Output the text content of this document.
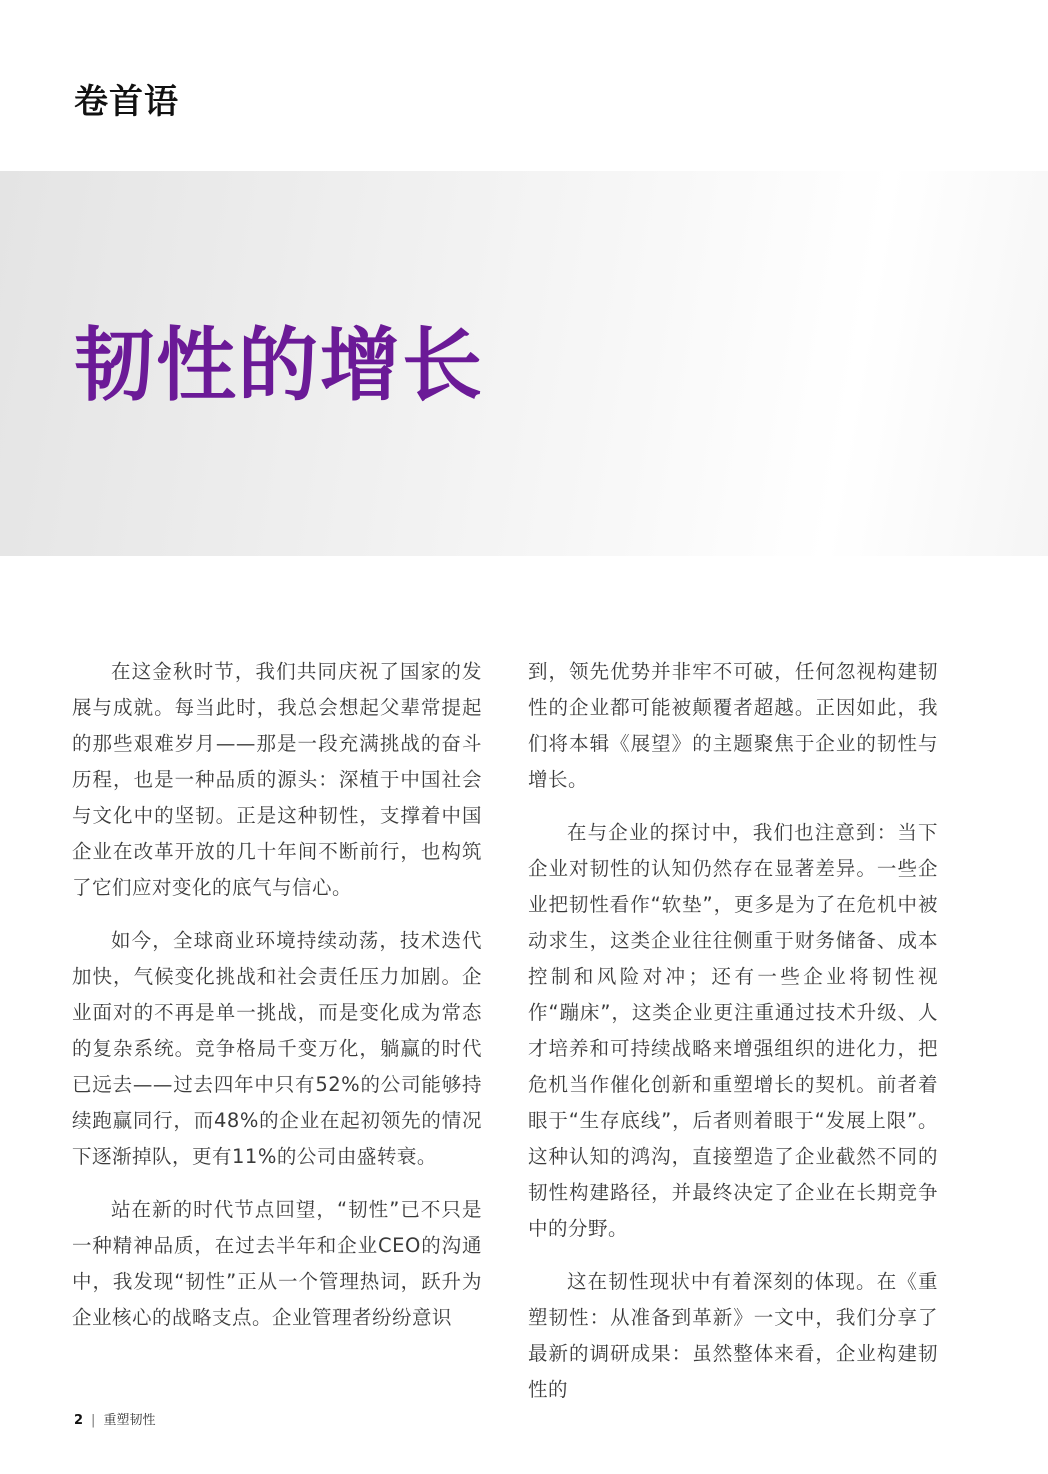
卷首语
韧性的增长

在这金秋时节，我们共同庆祝了国家的发展与成就。每当此时，我总会想起父辈常提起的那些艰难岁月——那是一段充满挑战的奋斗历程，也是一种品质的源头：深植于中国社会与文化中的坚韧。正是这种韧性，支撑着中国企业在改革开放的几十年间不断前行，也构筑了它们应对变化的底气与信心。

如今，全球商业环境持续动荡，技术迭代加快，气候变化挑战和社会责任压力加剧。企业面对的不再是单一挑战，而是变化成为常态的复杂系统。竞争格局千变万化，躺赢的时代已远去——过去四年中只有52%的公司能够持续跑赢同行，而48%的企业在起初领先的情况下逐渐掉队，更有11%的公司由盛转衰。

站在新的时代节点回望，“韧性”已不只是一种精神品质，在过去半年和企业CEO的沟通中，我发现“韧性”正从一个管理热词，跃升为企业核心的战略支点。企业管理者纷纷意识

到，领先优势并非牢不可破，任何忽视构建韧性的企业都可能被颠覆者超越。正因如此，我们将本辑《展望》的主题聚焦于企业的韧性与增长。

在与企业的探讨中，我们也注意到：当下企业对韧性的认知仍然存在显著差异。一些企业把韧性看作“软垫”，更多是为了在危机中被动求生，这类企业往往侧重于财务储备、成本控制和风险对冲；还有一些企业将韧性视作“蹦床”，这类企业更注重通过技术升级、人才培养和可持续战略来增强组织的进化力，把危机当作催化创新和重塑增长的契机。前者着眼于“生存底线”，后者则着眼于“发展上限”。这种认知的鸿沟，直接塑造了企业截然不同的韧性构建路径，并最终决定了企业在长期竞争中的分野。

这在韧性现状中有着深刻的体现。在《重塑韧性：从准备到革新》一文中，我们分享了最新的调研成果：虽然整体来看，企业构建韧性的

2 | 重塑韧性
